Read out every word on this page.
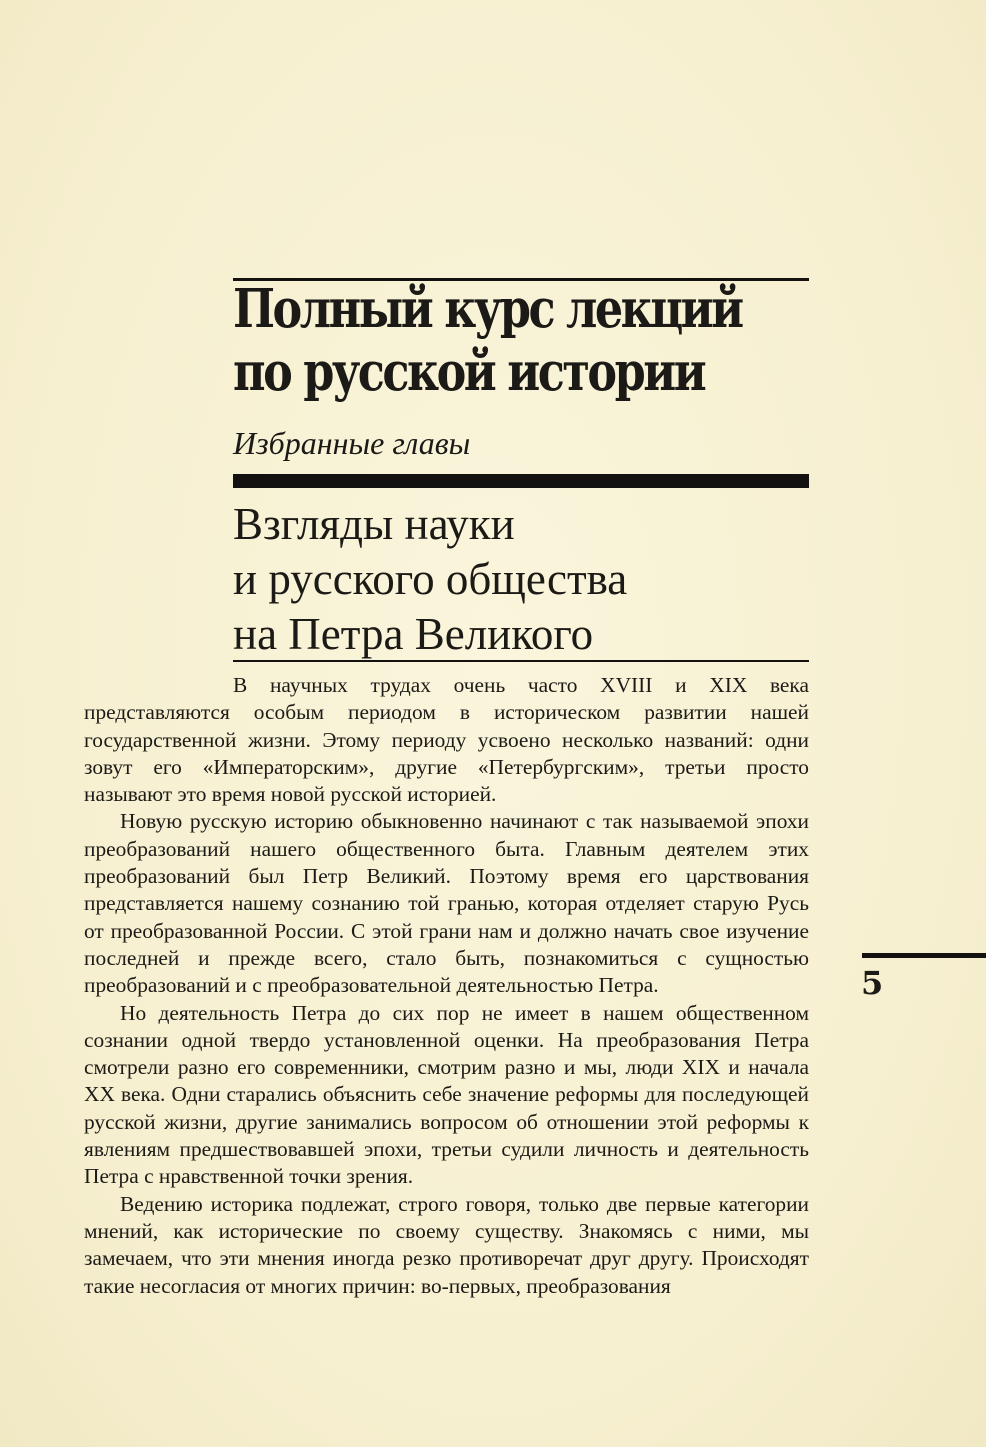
Полный курс лекций
по русской истории
Избранные главы
Взгляды науки
и русского общества
на Петра Великого

В научных трудах очень часто XVIII и XIX века представляются особым периодом в историческом развитии нашей государственной жизни. Этому периоду усвоено несколько названий: одни зовут его «Императорским», другие «Петербургским», третьи просто называют это время новой русской историей.

Новую русскую историю обыкновенно начинают с так называемой эпохи преобразований нашего общественного быта. Главным деятелем этих преобразований был Петр Великий. Поэтому время его царствования представляется нашему сознанию той гранью, которая отделяет старую Русь от преобразованной России. С этой грани нам и должно начать свое изучение последней и прежде всего, стало быть, познакомиться с сущностью преобразований и с преобразовательной деятельностью Петра.

Но деятельность Петра до сих пор не имеет в нашем общественном сознании одной твердо установленной оценки. На преобразования Петра смотрели разно его современники, смотрим разно и мы, люди XIX и начала XX века. Одни старались объяснить себе значение реформы для последующей русской жизни, другие занимались вопросом об отношении этой реформы к явлениям предшествовавшей эпохи, третьи судили личность и деятельность Петра с нравственной точки зрения.

Ведению историка подлежат, строго говоря, только две первые категории мнений, как исторические по своему существу. Знакомясь с ними, мы замечаем, что эти мнения иногда резко противоречат друг другу. Происходят такие несогласия от многих причин: во-первых, преобразования

5
